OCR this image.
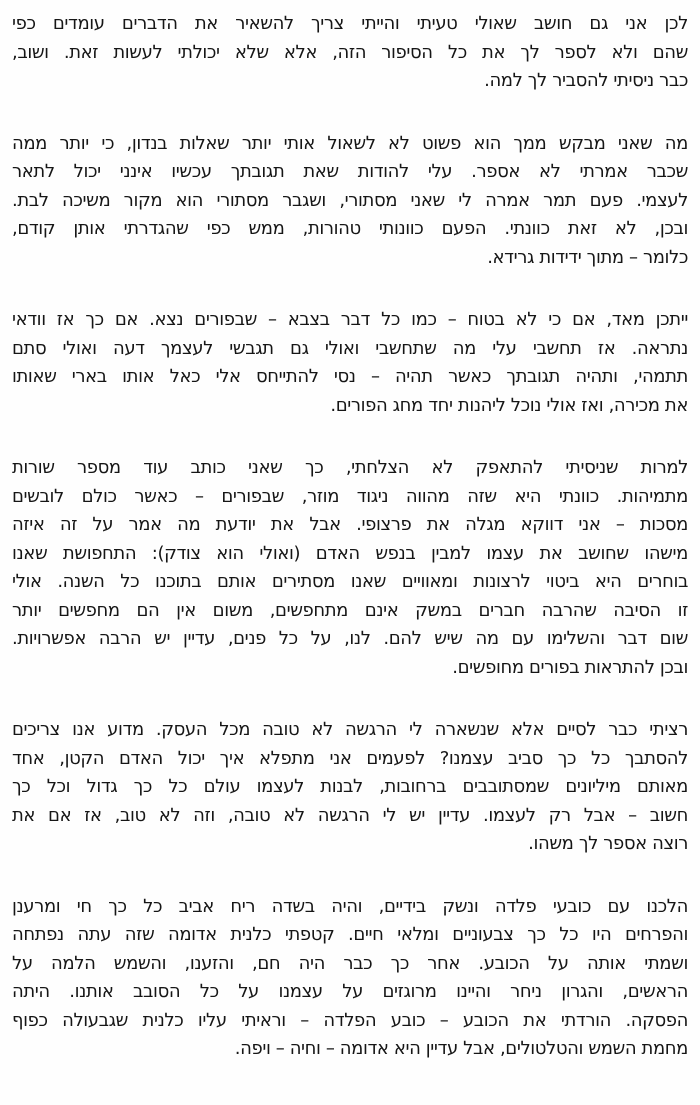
לכן אני גם חושב שאולי טעיתי והייתי צריך להשאיר את הדברים עומדים כפי
שהם ולא לספר לך את כל הסיפור הזה, אלא שלא יכולתי לעשות זאת. ושוב,
כבר ניסיתי להסביר לך למה.

מה שאני מבקש ממך הוא פשוט לא לשאול אותי יותר שאלות בנדון, כי יותר ממה
שכבר אמרתי לא אספר. עלי להודות שאת תגובתך עכשיו אינני יכול לתאר
לעצמי. פעם תמר אמרה לי שאני מסתורי, ושגבר מסתורי הוא מקור משיכה לבת.
ובכן, לא זאת כוונתי. הפעם כוונותי טהורות, ממש כפי שהגדרתי אותן קודם,
כלומר – מתוך ידידות גרידא.

ייתכן מאד, אם כי לא בטוח – כמו כל דבר בצבא – שבפורים נצא. אם כך אז וודאי
נתראה. אז תחשבי עלי מה שתחשבי ואולי גם תגבשי לעצמך דעה ואולי סתם
תתמהי, ותהיה תגובתך כאשר תהיה – נסי להתייחס אלי כאל אותו בארי שאותו
את מכירה, ואז אולי נוכל ליהנות יחד מחג הפורים.

למרות שניסיתי להתאפק לא הצלחתי, כך שאני כותב עוד מספר שורות
מתמיהות. כוונתי היא שזה מהווה ניגוד מוזר, שבפורים – כאשר כולם לובשים
מסכות – אני דווקא מגלה את פרצופי. אבל את יודעת מה אמר על זה איזה
מישהו שחושב את עצמו למבין בנפש האדם (ואולי הוא צודק): התחפושת שאנו
בוחרים היא ביטוי לרצונות ומאוויים שאנו מסתירים אותם בתוכנו כל השנה. אולי
זו הסיבה שהרבה חברים במשק אינם מתחפשים, משום אין הם מחפשים יותר
שום דבר והשלימו עם מה שיש להם. לנו, על כל פנים, עדיין יש הרבה אפשרויות.
ובכן להתראות בפורים מחופשים.

רציתי כבר לסיים אלא שנשארה לי הרגשה לא טובה מכל העסק. מדוע אנו צריכים
להסתבך כל כך סביב עצמנו? לפעמים אני מתפלא איך יכול האדם הקטן, אחד
מאותם מיליונים שמסתובבים ברחובות, לבנות לעצמו עולם כל כך גדול וכל כך
חשוב – אבל רק לעצמו. עדיין יש לי הרגשה לא טובה, וזה לא טוב, אז אם את
רוצה אספר לך משהו.

הלכנו עם כובעי פלדה ונשק בידיים, והיה בשדה ריח אביב כל כך חי ומרענן
והפרחים היו כל כך צבעוניים ומלאי חיים. קטפתי כלנית אדומה שזה עתה נפתחה
ושמתי אותה על הכובע. אחר כך כבר היה חם, והזענו, והשמש הלמה על
הראשים, והגרון ניחר והיינו מרוגזים על עצמנו על כל הסובב אותנו. היתה
הפסקה. הורדתי את הכובע – כובע הפלדה – וראיתי עליו כלנית שגבעולה כפוף
מחמת השמש והטלטולים, אבל עדיין היא אדומה – וחיה – ויפה.
